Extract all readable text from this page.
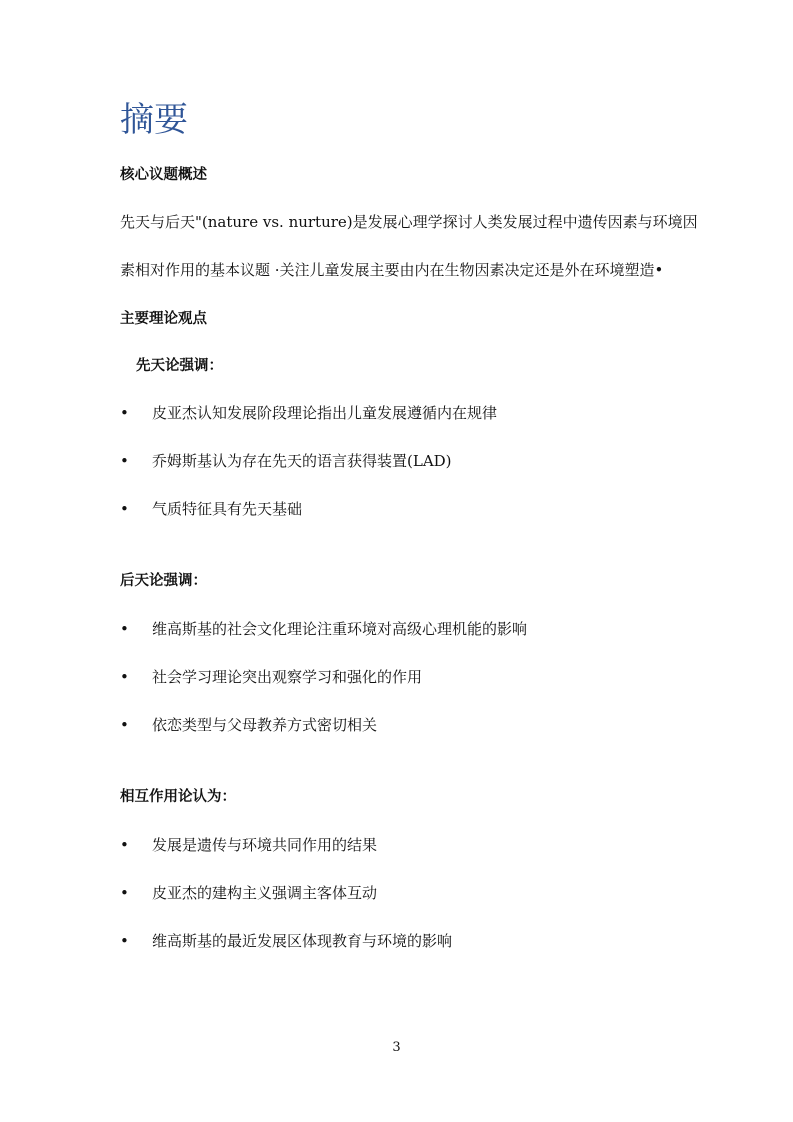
摘要
核心议题概述
先天与后天"(nature vs. nurture)是发展心理学探讨人类发展过程中遗传因素与环境因
素相对作用的基本议题 ·关注儿童发展主要由内在生物因素决定还是外在环境塑造•
主要理论观点
先天论强调：
• 皮亚杰认知发展阶段理论指出儿童发展遵循内在规律
• 乔姆斯基认为存在先天的语言获得装置(LAD)
• 气质特征具有先天基础
后天论强调：
• 维高斯基的社会文化理论注重环境对高级心理机能的影响
• 社会学习理论突出观察学习和强化的作用
• 依恋类型与父母教养方式密切相关
相互作用论认为：
• 发展是遗传与环境共同作用的结果
• 皮亚杰的建构主义强调主客体互动
• 维高斯基的最近发展区体现教育与环境的影响
3
